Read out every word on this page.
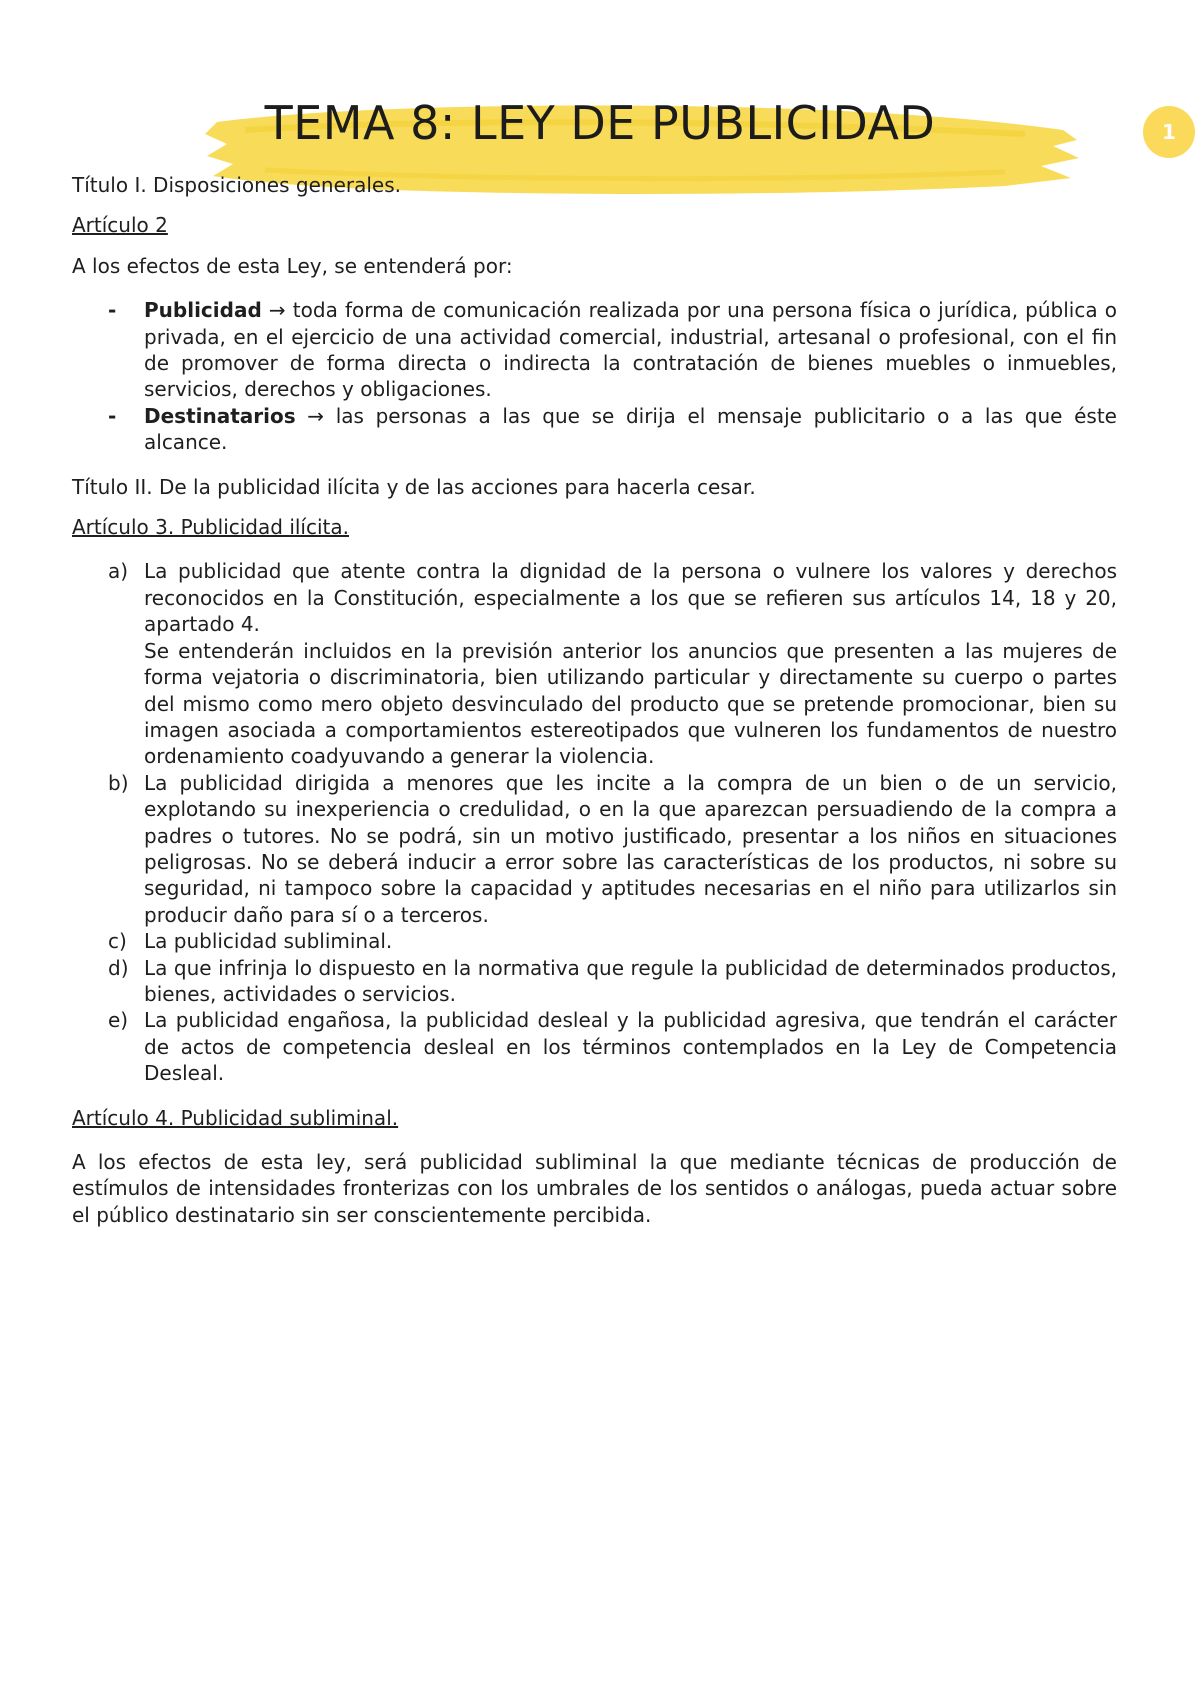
TEMA 8: LEY DE PUBLICIDAD	1

Título I. Disposiciones generales.

Artículo 2

A los efectos de esta Ley, se entenderá por:

- Publicidad → toda forma de comunicación realizada por una persona física o jurídica, pública o privada, en el ejercicio de una actividad comercial, industrial, artesanal o profesional, con el fin de promover de forma directa o indirecta la contratación de bienes muebles o inmuebles, servicios, derechos y obligaciones.
- Destinatarios → las personas a las que se dirija el mensaje publicitario o a las que éste alcance.

Título II. De la publicidad ilícita y de las acciones para hacerla cesar.

Artículo 3. Publicidad ilícita.

a) La publicidad que atente contra la dignidad de la persona o vulnere los valores y derechos reconocidos en la Constitución, especialmente a los que se refieren sus artículos 14, 18 y 20, apartado 4.
Se entenderán incluidos en la previsión anterior los anuncios que presenten a las mujeres de forma vejatoria o discriminatoria, bien utilizando particular y directamente su cuerpo o partes del mismo como mero objeto desvinculado del producto que se pretende promocionar, bien su imagen asociada a comportamientos estereotipados que vulneren los fundamentos de nuestro ordenamiento coadyuvando a generar la violencia.
b) La publicidad dirigida a menores que les incite a la compra de un bien o de un servicio, explotando su inexperiencia o credulidad, o en la que aparezcan persuadiendo de la compra a padres o tutores. No se podrá, sin un motivo justificado, presentar a los niños en situaciones peligrosas. No se deberá inducir a error sobre las características de los productos, ni sobre su seguridad, ni tampoco sobre la capacidad y aptitudes necesarias en el niño para utilizarlos sin producir daño para sí o a terceros.
c) La publicidad subliminal.
d) La que infrinja lo dispuesto en la normativa que regule la publicidad de determinados productos, bienes, actividades o servicios.
e) La publicidad engañosa, la publicidad desleal y la publicidad agresiva, que tendrán el carácter de actos de competencia desleal en los términos contemplados en la Ley de Competencia Desleal.

Artículo 4. Publicidad subliminal.

A los efectos de esta ley, será publicidad subliminal la que mediante técnicas de producción de estímulos de intensidades fronterizas con los umbrales de los sentidos o análogas, pueda actuar sobre el público destinatario sin ser conscientemente percibida.
